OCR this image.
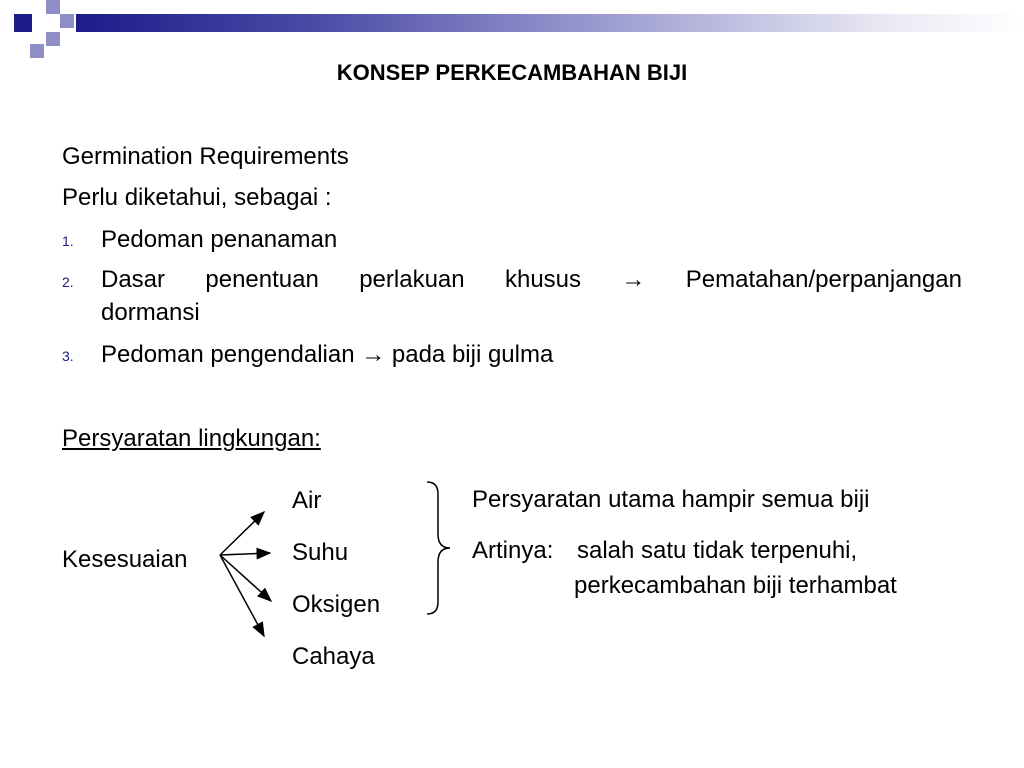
KONSEP PERKECAMBAHAN BIJI
Germination Requirements
Perlu diketahui, sebagai :
1. Pedoman penanaman
2. Dasar penentuan perlakuan khusus → Pematahan/perpanjangan
dormansi
3. Pedoman pengendalian → pada biji gulma
Persyaratan lingkungan:
Kesesuaian
Air
Suhu
Oksigen
Cahaya
Persyaratan utama hampir semua biji
Artinya: salah satu tidak terpenuhi,
perkecambahan biji terhambat
